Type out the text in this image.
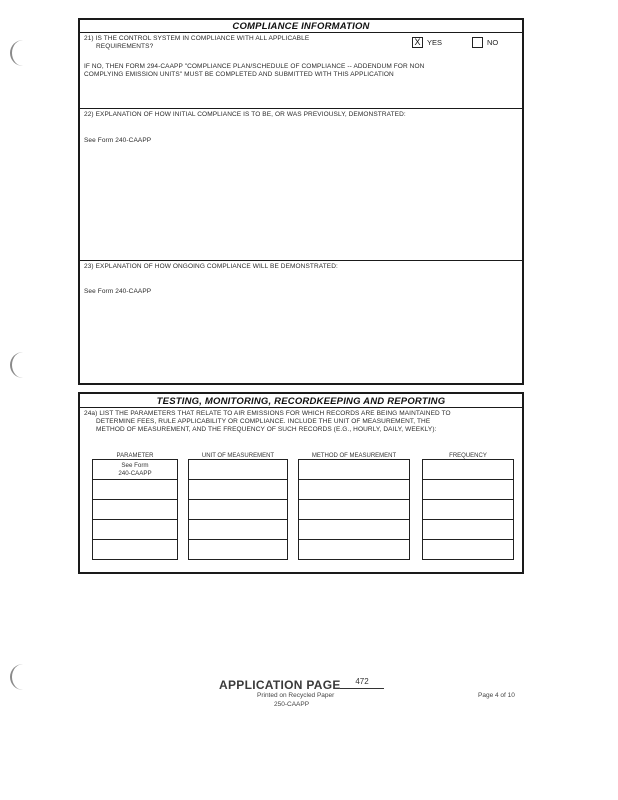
COMPLIANCE INFORMATION
21) IS THE CONTROL SYSTEM IN COMPLIANCE WITH ALL APPLICABLE
REQUIREMENTS?	X YES	NO
IF NO, THEN FORM 294-CAAPP "COMPLIANCE PLAN/SCHEDULE OF COMPLIANCE -- ADDENDUM FOR NON
COMPLYING EMISSION UNITS" MUST BE COMPLETED AND SUBMITTED WITH THIS APPLICATION
22) EXPLANATION OF HOW INITIAL COMPLIANCE IS TO BE, OR WAS PREVIOUSLY, DEMONSTRATED:
See Form 240-CAAPP
23) EXPLANATION OF HOW ONGOING COMPLIANCE WILL BE DEMONSTRATED:
See Form 240-CAAPP
TESTING, MONITORING, RECORDKEEPING AND REPORTING
24a) LIST THE PARAMETERS THAT RELATE TO AIR EMISSIONS FOR WHICH RECORDS ARE BEING MAINTAINED TO
DETERMINE FEES, RULE APPLICABILITY OR COMPLIANCE. INCLUDE THE UNIT OF MEASUREMENT, THE
METHOD OF MEASUREMENT, AND THE FREQUENCY OF SUCH RECORDS (E.G., HOURLY, DAILY, WEEKLY):
PARAMETER	UNIT OF MEASUREMENT	METHOD OF MEASUREMENT	FREQUENCY
See Form
240-CAAPP
APPLICATION PAGE	472
Printed on Recycled Paper
250-CAAPP
Page 4 of 10
